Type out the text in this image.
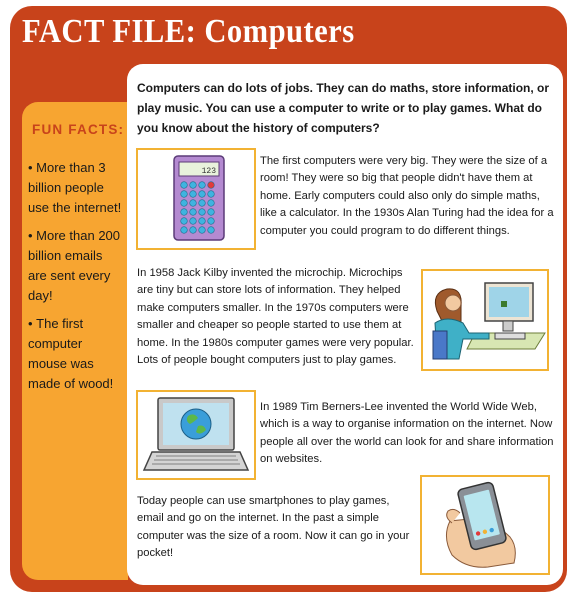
FACT FILE: Computers
FUN FACTS:
• More than 3 billion people use the internet!
• More than 200 billion emails are sent every day!
• The first computer mouse was made of wood!

Computers can do lots of jobs. They can do maths, store information, or play music. You can use a computer to write or to play games. What do you know about the history of computers?

123

The first computers were very big. They were the size of a room! They were so big that people didn't have them at home. Early computers could also only do simple maths, like a calculator. In the 1930s Alan Turing had the idea for a computer you could program to do different things.

In 1958 Jack Kilby invented the microchip. Microchips are tiny but can store lots of information. They helped make computers smaller. In the 1970s computers were smaller and cheaper so people started to use them at home. In the 1980s computer games were very popular. Lots of people bought computers just to play games.

In 1989 Tim Berners-Lee invented the World Wide Web, which is a way to organise information on the internet. Now people all over the world can look for and share information on websites.

Today people can use smartphones to play games, email and go on the internet. In the past a simple computer was the size of a room. Now it can go in your pocket!
